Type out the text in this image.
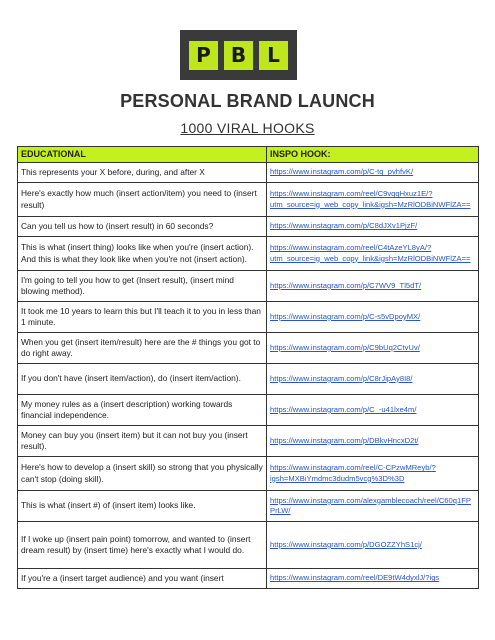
P	B	L
PERSONAL BRAND LAUNCH
1000 VIRAL HOOKS
EDUCATIONAL	INSPO HOOK:
This represents your X before, during, and after X	https://www.instagram.com/p/C-tq_pvhfvK/
Here's exactly how much (insert action/item) you need to (insert result)	https://www.instagram.com/reel/C9vqqHxuz1E/?utm_source=ig_web_copy_link&igsh=MzRlODBiNWFlZA==
Can you tell us how to (insert result) in 60 seconds?	https://www.instagram.com/p/C8dJXv1PjzF/
This is what (insert thing) looks like when you're (insert action). And this is what they look like when you're not (insert action).	https://www.instagram.com/reel/C4tAzeYL8yA/?utm_source=ig_web_copy_link&igsh=MzRlODBiNWFlZA==
I'm going to tell you how to get (Insert result), (insert mind blowing method).	https://www.instagram.com/p/C7WV9_Tl5dT/
It took me 10 years to learn this but I'll teach it to you in less than 1 minute.	https://www.instagram.com/p/C-s5vDpoyMX/
When you get (insert item/result) here are the # things you got to do right away.	https://www.instagram.com/p/C9bUq2CtvUv/
If you don't have (insert item/action), do (insert item/action).	https://www.instagram.com/p/C8rJipAy8I8/
My money rules as a (insert description) working towards financial independence.	https://www.instagram.com/p/C_-u41lxe4m/
Money can buy you (insert item) but it can not buy you (insert result).	https://www.instagram.com/p/DBkvHncxD2t/
Here's how to develop a (insert skill) so strong that you physically can't stop (doing skill).	https://www.instagram.com/reel/C-CPzwMReyb/?igsh=MXBiYmdmc3dudm5vcg%3D%3D
This is what (insert #) of (insert item) looks like.	https://www.instagram.com/alexgamblecoach/reel/C60q1FPPrLW/
If I woke up (insert pain point) tomorrow, and wanted to (insert dream result) by (insert time) here's exactly what I would do.	https://www.instagram.com/p/DGOZZYhS1cj/
If you're a (insert target audience) and you want (insert	https://www.instagram.com/reel/DE9tW4dyxlJ/?igs
